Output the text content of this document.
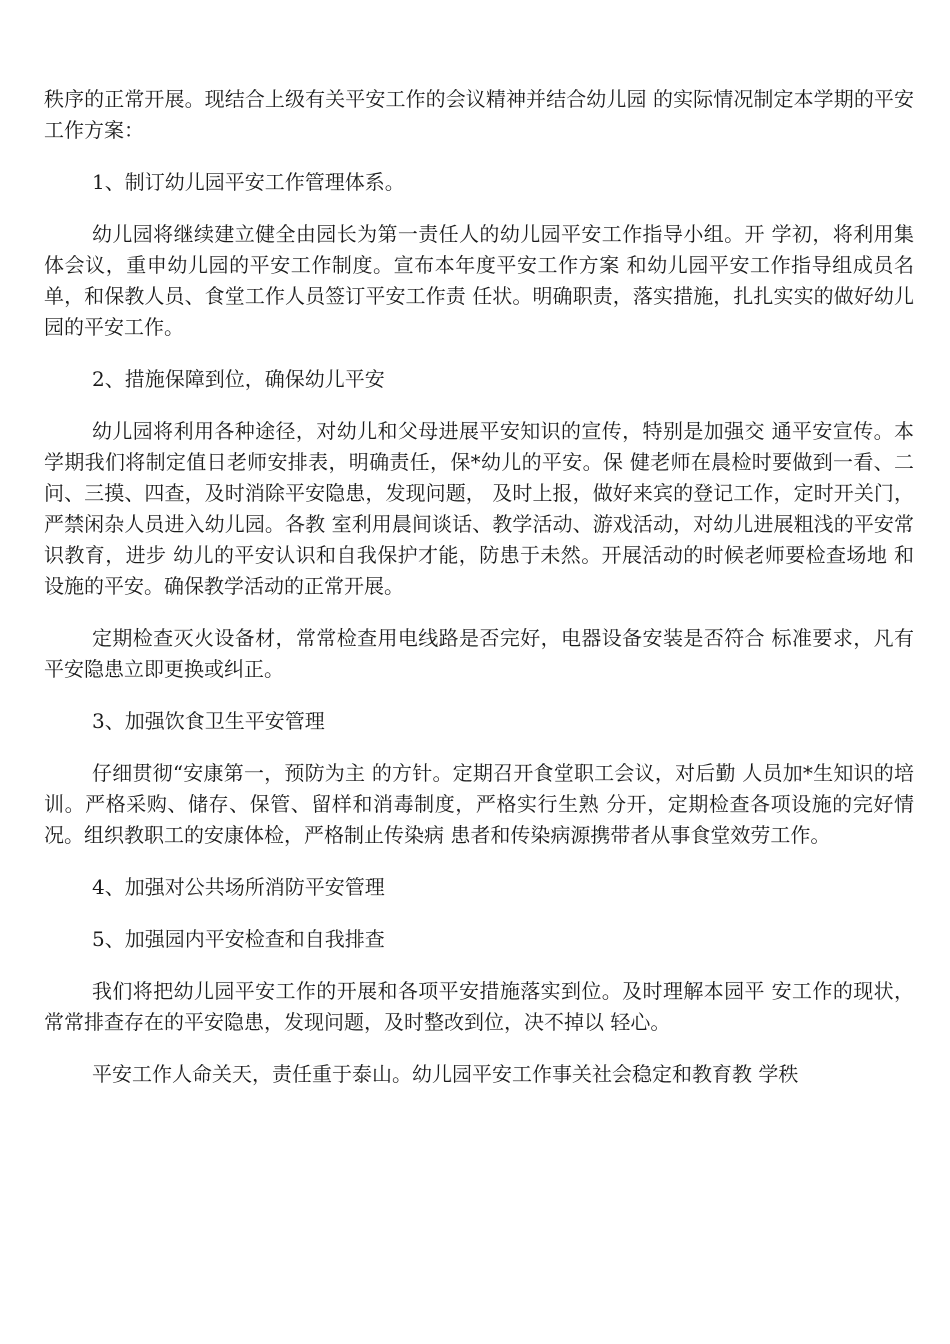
秩序的正常开展。现结合上级有关平安工作的会议精神并结合幼儿园 的实际情况制定本学期的平安工作方案：

1、制订幼儿园平安工作管理体系。

幼儿园将继续建立健全由园长为第一责任人的幼儿园平安工作指导小组。开 学初，将利用集体会议，重申幼儿园的平安工作制度。宣布本年度平安工作方案 和幼儿园平安工作指导组成员名单，和保教人员、食堂工作人员签订平安工作责 任状。明确职责，落实措施，扎扎实实的做好幼儿园的平安工作。

2、措施保障到位，确保幼儿平安

幼儿园将利用各种途径，对幼儿和父母进展平安知识的宣传，特别是加强交 通平安宣传。本学期我们将制定值日老师安排表，明确责任，保*幼儿的平安。保 健老师在晨检时要做到一看、二问、三摸、四查，及时消除平安隐患，发现问题， 及时上报，做好来宾的登记工作，定时开关门，严禁闲杂人员进入幼儿园。各教 室利用晨间谈话、教学活动、游戏活动，对幼儿进展粗浅的平安常识教育，进步 幼儿的平安认识和自我保护才能，防患于未然。开展活动的时候老师要检查场地 和设施的平安。确保教学活动的正常开展。

定期检查灭火设备材，常常检查用电线路是否完好，电器设备安装是否符合 标准要求，凡有平安隐患立即更换或纠正。

3、加强饮食卫生平安管理

仔细贯彻“安康第一，预防为主 的方针。定期召开食堂职工会议，对后勤 人员加*生知识的培训。严格采购、储存、保管、留样和消毒制度，严格实行生熟 分开，定期检查各项设施的完好情况。组织教职工的安康体检，严格制止传染病 患者和传染病源携带者从事食堂效劳工作。

4、加强对公共场所消防平安管理

5、加强园内平安检查和自我排查

我们将把幼儿园平安工作的开展和各项平安措施落实到位。及时理解本园平 安工作的现状，常常排查存在的平安隐患，发现问题，及时整改到位，决不掉以 轻心。

平安工作人命关天，责任重于泰山。幼儿园平安工作事关社会稳定和教育教 学秩
